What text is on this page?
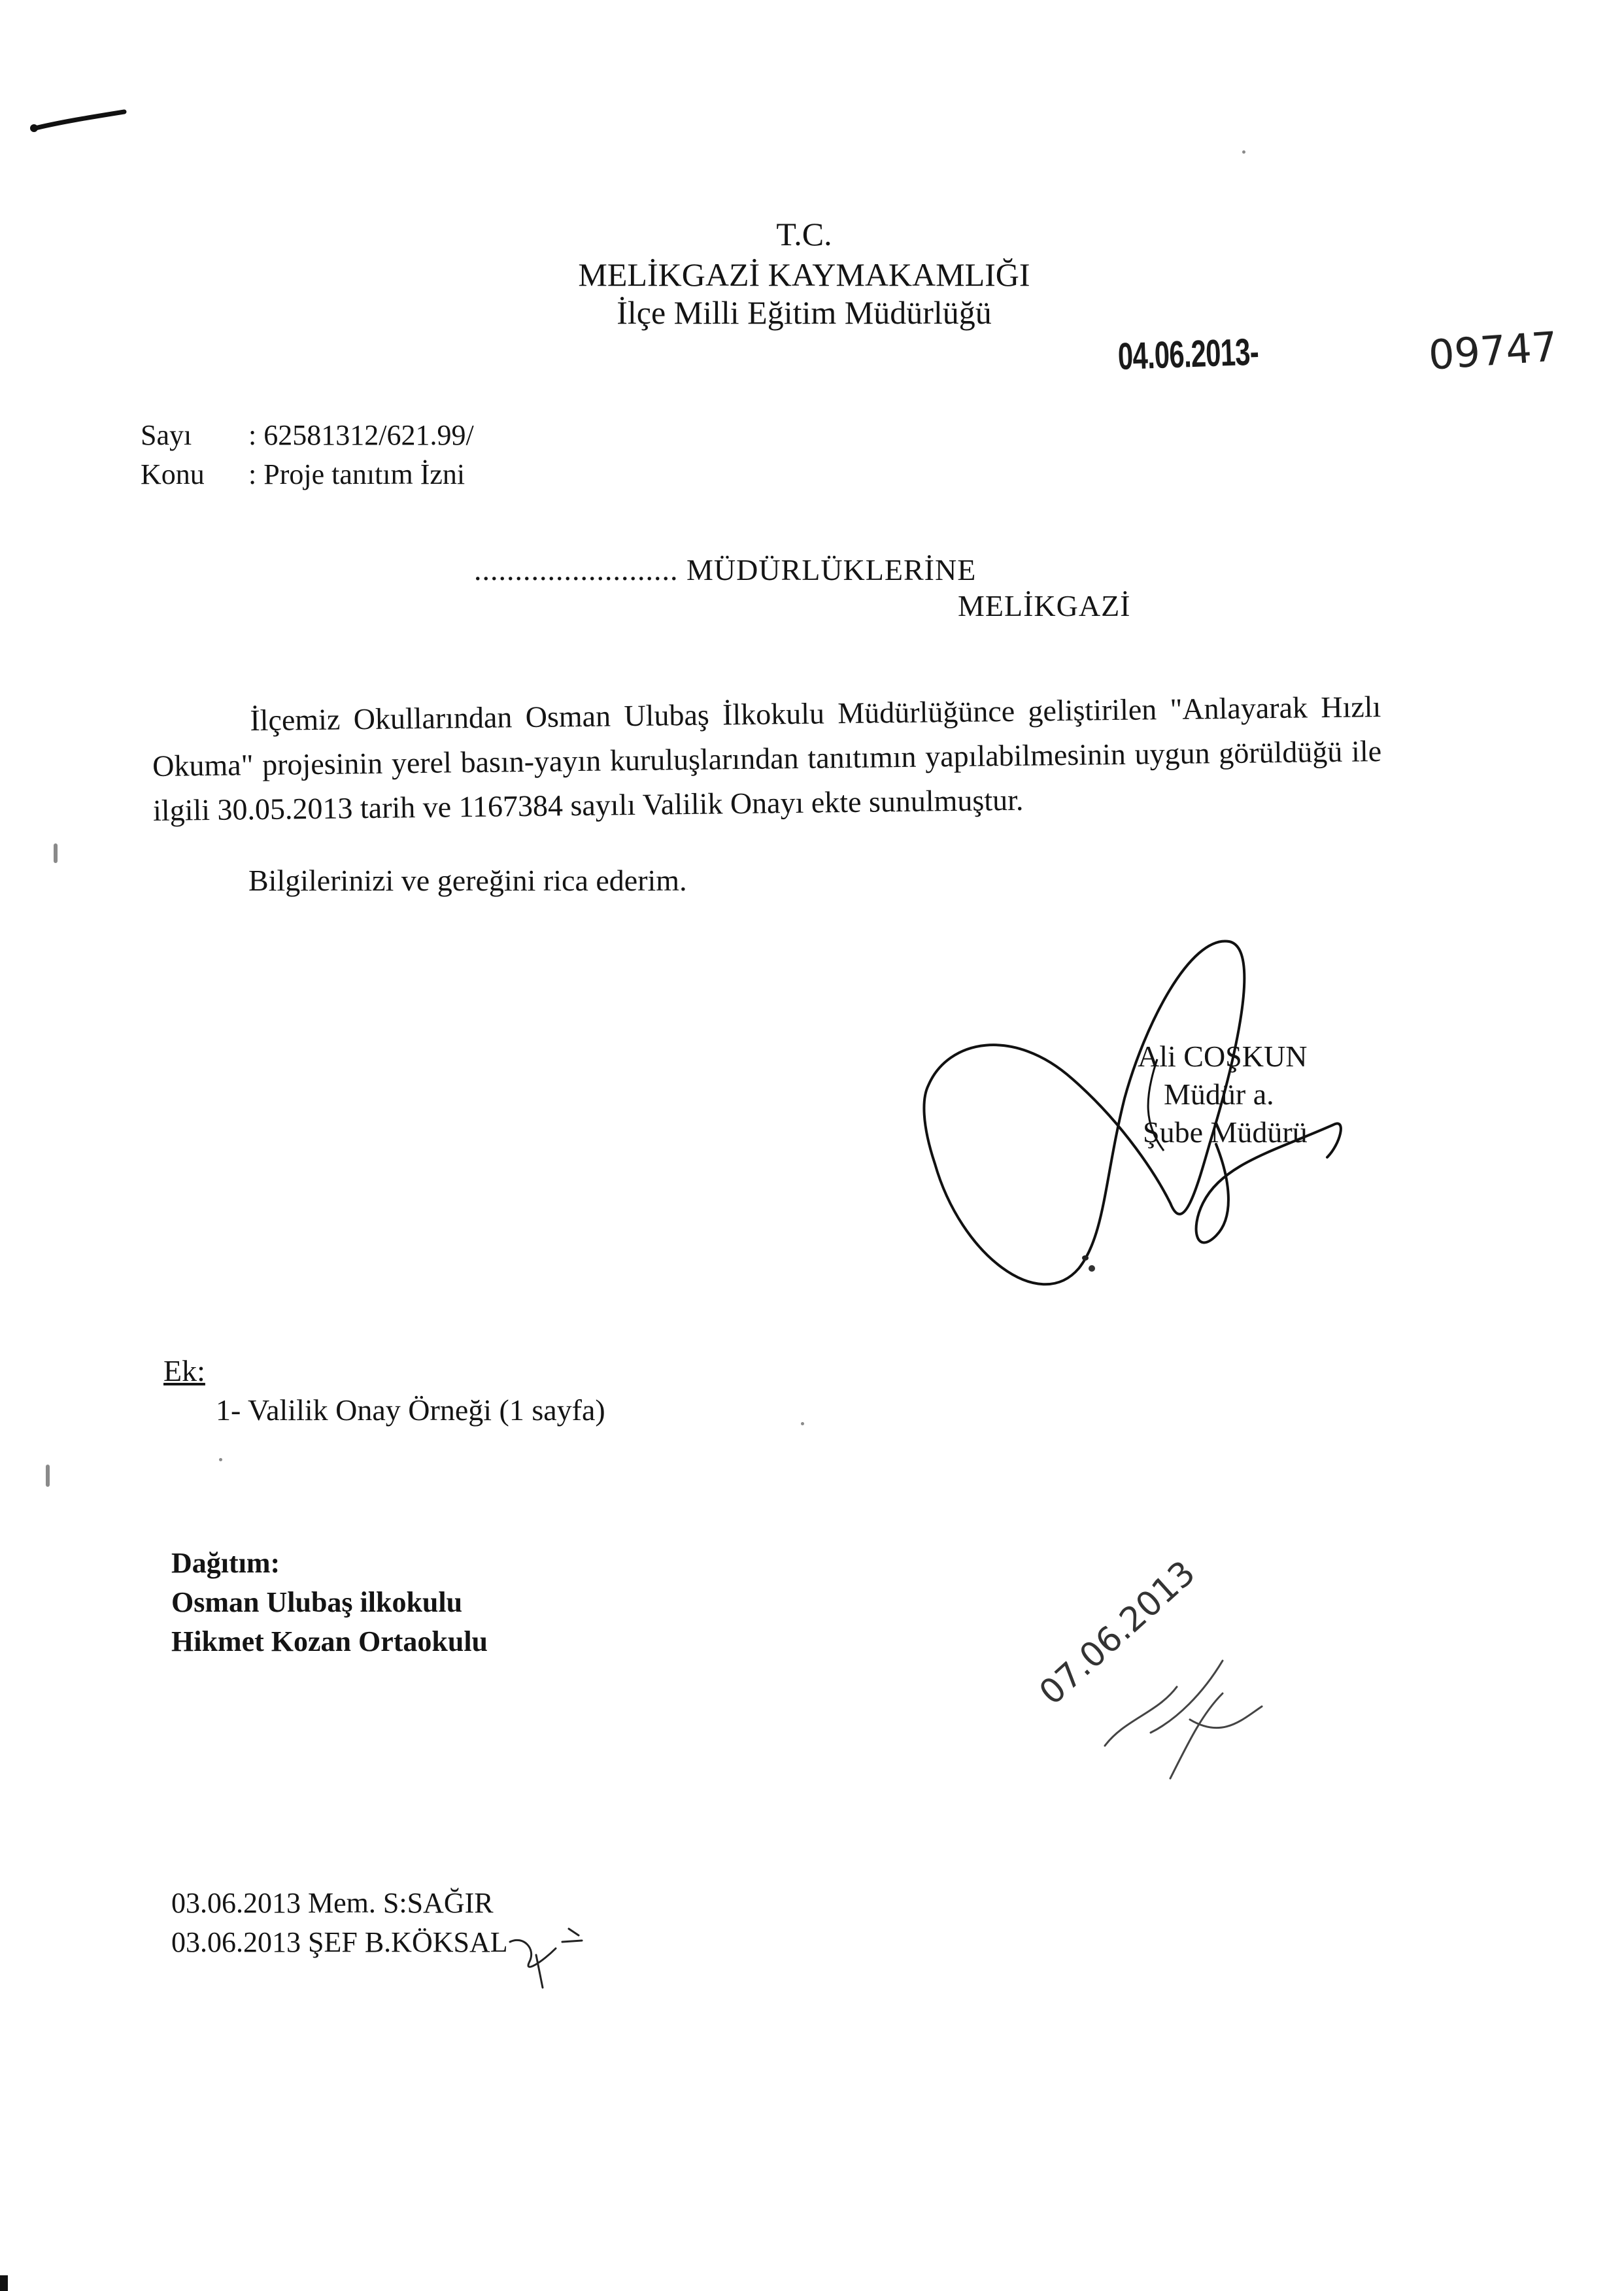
T.C.
MELİKGAZİ KAYMAKAMLIĞI
İlçe Milli Eğitim Müdürlüğü
04.06.2013-	09747
Sayı : 62581312/621.99/
Konu : Proje tanıtım İzni
......................... MÜDÜRLÜKLERİNE
MELİKGAZİ
İlçemiz Okullarından Osman Ulubaş İlkokulu Müdürlüğünce geliştirilen "Anlayarak Hızlı Okuma" projesinin yerel basın-yayın kuruluşlarından tanıtımın yapılabilmesinin uygun görüldüğü ile ilgili 30.05.2013 tarih ve 1167384 sayılı Valilik Onayı ekte sunulmuştur.
Bilgilerinizi ve gereğini rica ederim.
Ali COŞKUN
Müdür a.
Şube Müdürü
Ek:
1- Valilik Onay Örneği (1 sayfa)
Dağıtım:
Osman Ulubaş ilkokulu
Hikmet Kozan Ortaokulu	07.06.2013
03.06.2013 Mem. S:SAĞIR
03.06.2013 ŞEF B.KÖKSAL
